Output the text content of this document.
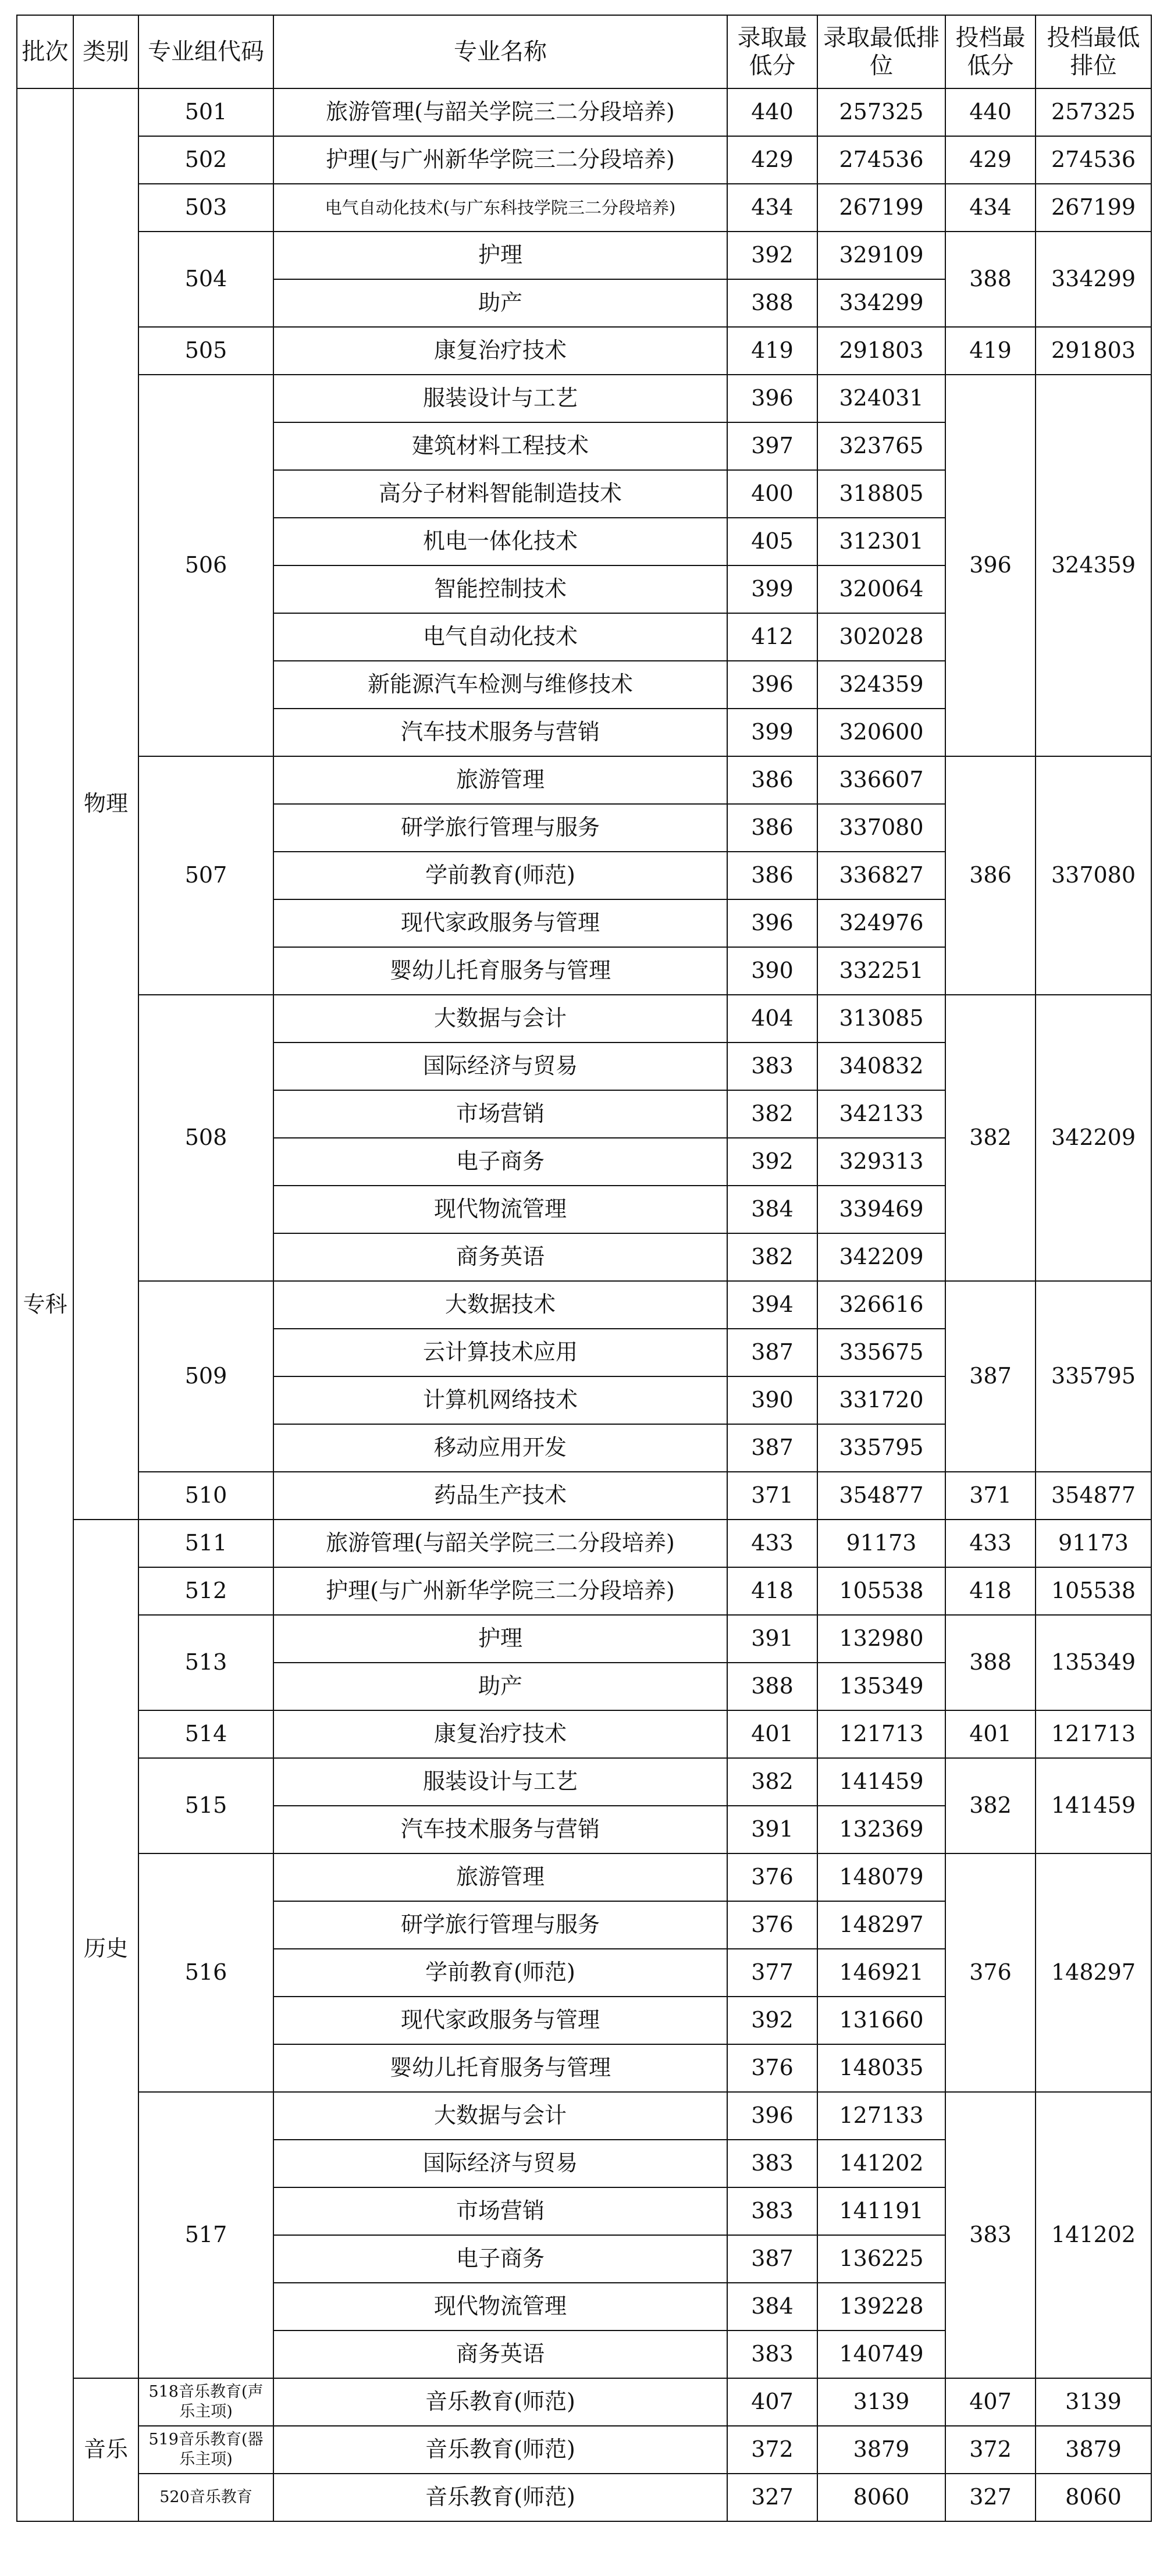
批次	类别	专业组代码	专业名称	录取最低分	录取最低排位	投档最低分	投档最低排位
专科	物理	501	旅游管理(与韶关学院三二分段培养)	440	257325	440	257325
		502	护理(与广州新华学院三二分段培养)	429	274536	429	274536
		503	电气自动化技术(与广东科技学院三二分段培养)	434	267199	434	267199
		504	护理	392	329109	388	334299
			助产	388	334299		
		505	康复治疗技术	419	291803	419	291803
		506	服装设计与工艺	396	324031	396	324359
			建筑材料工程技术	397	323765		
			高分子材料智能制造技术	400	318805		
			机电一体化技术	405	312301		
			智能控制技术	399	320064		
			电气自动化技术	412	302028		
			新能源汽车检测与维修技术	396	324359		
			汽车技术服务与营销	399	320600		
		507	旅游管理	386	336607	386	337080
			研学旅行管理与服务	386	337080		
			学前教育(师范)	386	336827		
			现代家政服务与管理	396	324976		
			婴幼儿托育服务与管理	390	332251		
		508	大数据与会计	404	313085	382	342209
			国际经济与贸易	383	340832		
			市场营销	382	342133		
			电子商务	392	329313		
			现代物流管理	384	339469		
			商务英语	382	342209		
		509	大数据技术	394	326616	387	335795
			云计算技术应用	387	335675		
			计算机网络技术	390	331720		
			移动应用开发	387	335795		
		510	药品生产技术	371	354877	371	354877
	历史	511	旅游管理(与韶关学院三二分段培养)	433	91173	433	91173
		512	护理(与广州新华学院三二分段培养)	418	105538	418	105538
		513	护理	391	132980	388	135349
			助产	388	135349		
		514	康复治疗技术	401	121713	401	121713
		515	服装设计与工艺	382	141459	382	141459
			汽车技术服务与营销	391	132369		
		516	旅游管理	376	148079	376	148297
			研学旅行管理与服务	376	148297		
			学前教育(师范)	377	146921		
			现代家政服务与管理	392	131660		
			婴幼儿托育服务与管理	376	148035		
		517	大数据与会计	396	127133	383	141202
			国际经济与贸易	383	141202		
			市场营销	383	141191		
			电子商务	387	136225		
			现代物流管理	384	139228		
			商务英语	383	140749		
	音乐	518音乐教育(声乐主项)	音乐教育(师范)	407	3139	407	3139
		519音乐教育(器乐主项)	音乐教育(师范)	372	3879	372	3879
		520音乐教育	音乐教育(师范)	327	8060	327	8060
